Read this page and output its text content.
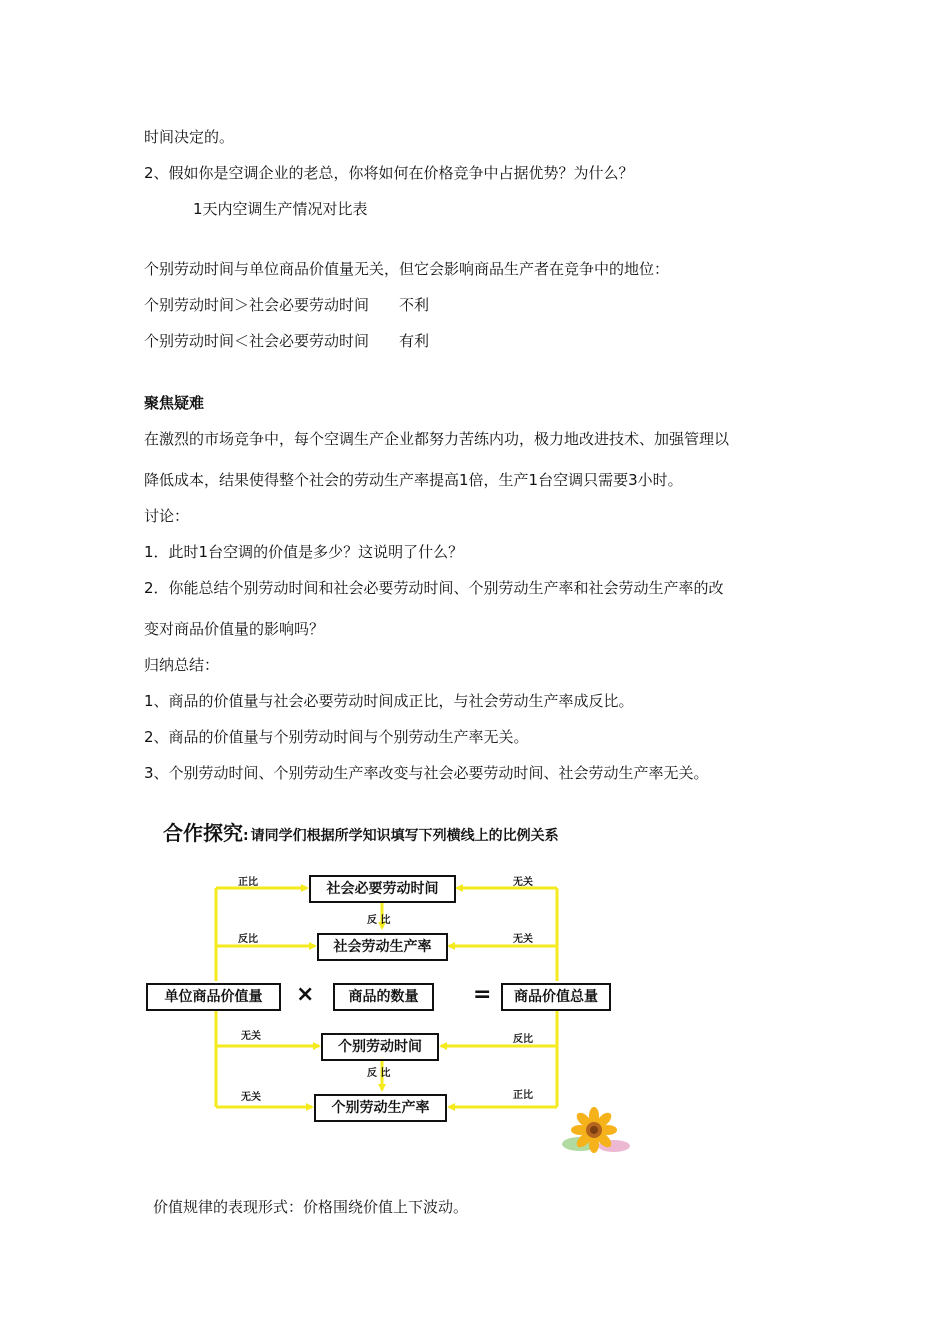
时间决定的。
2、假如你是空调企业的老总，你将如何在价格竞争中占据优势？为什么？
1天内空调生产情况对比表
个别劳动时间与单位商品价值量无关，但它会影响商品生产者在竞争中的地位：
个别劳动时间＞社会必要劳动时间　　不利
个别劳动时间＜社会必要劳动时间　　有利
聚焦疑难
在激烈的市场竞争中，每个空调生产企业都努力苦练内功，极力地改进技术、加强管理以
降低成本，结果使得整个社会的劳动生产率提高1倍，生产1台空调只需要3小时。
讨论：
1．此时1台空调的价值是多少？这说明了什么？
2．你能总结个别劳动时间和社会必要劳动时间、个别劳动生产率和社会劳动生产率的改
变对商品价值量的影响吗？
归纳总结：
1、商品的价值量与社会必要劳动时间成正比，与社会劳动生产率成反比。
2、商品的价值量与个别劳动时间与个别劳动生产率无关。
3、个别劳动时间、个别劳动生产率改变与社会必要劳动时间、社会劳动生产率无关。
合作探究: 请同学们根据所学知识填写下列横线上的比例关系
社会必要劳动时间
社会劳动生产率
单位商品价值量	商品的数量	商品价值总量
个别劳动时间
个别劳动生产率
×	=
正比
反比
无关
无关
无关
无关
反比
正比
反 比
反 比
价值规律的表现形式：价格围绕价值上下波动。
